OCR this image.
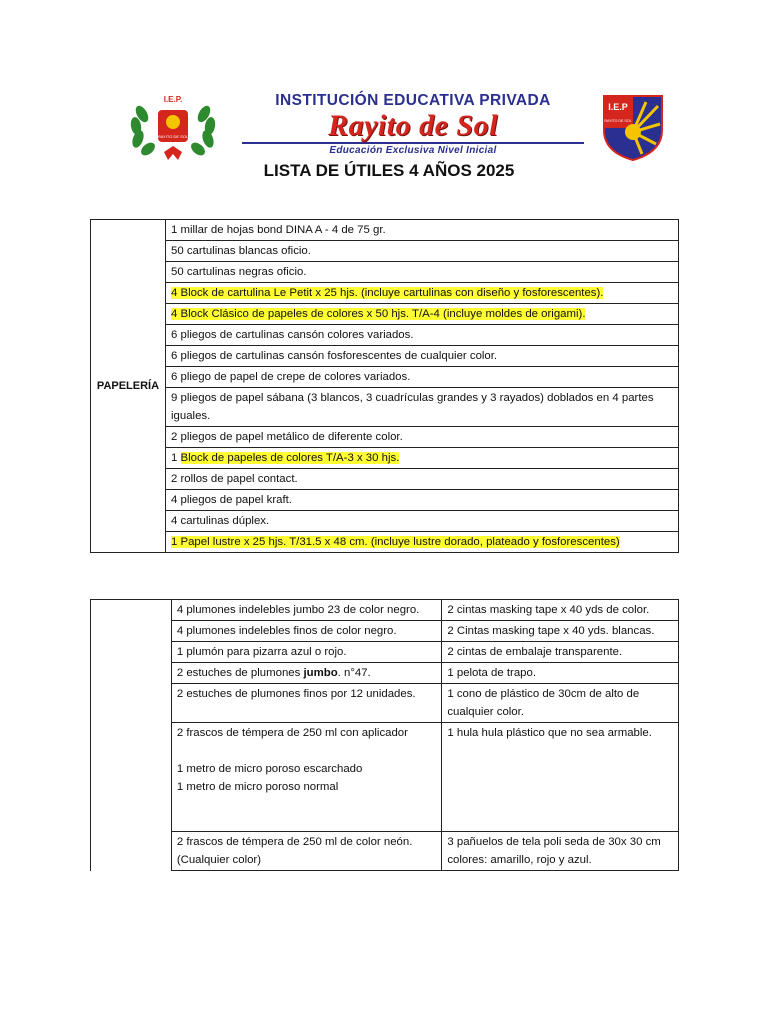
I.E.P.
RAYITO DE SOL
INSTITUCIÓN EDUCATIVA PRIVADA
Rayito de Sol
Educación Exclusiva Nivel Inicial
I.E.P
RAYITO DE SOL
LISTA DE ÚTILES 4 AÑOS 2025
PAPELERÍA	1 millar de hojas bond DINA A - 4 de 75 gr.
50 cartulinas blancas oficio.
50 cartulinas negras oficio.
4 Block de cartulina Le Petit x 25 hjs. (incluye cartulinas con diseño y fosforescentes).
4 Block Clásico de papeles de colores x 50 hjs. T/A-4 (incluye moldes de origami).
6 pliegos de cartulinas cansón colores variados.
6 pliegos de cartulinas cansón fosforescentes de cualquier color.
6 pliego de papel de crepe de colores variados.
9 pliegos de papel sábana (3 blancos, 3 cuadrículas grandes y 3 rayados) doblados en 4 partes iguales.
2 pliegos de papel metálico de diferente color.
1 Block de papeles de colores T/A-3 x 30 hjs.
2 rollos de papel contact.
4 pliegos de papel kraft.
4 cartulinas dúplex.
1 Papel lustre x 25 hjs. T/31.5 x 48 cm. (incluye lustre dorado, plateado y fosforescentes)
	4 plumones indelebles jumbo 23 de color negro.	2 cintas masking tape x 40 yds de color.
	4 plumones indelebles finos de color negro.	2 Cintas masking tape x 40 yds. blancas.
	1 plumón para pizarra azul o rojo.	2 cintas de embalaje transparente.
	2 estuches de plumones jumbo. n°47.	1 pelota de trapo.
	2 estuches de plumones finos por 12 unidades.	1 cono de plástico de 30cm de alto de cualquier color.

	2 frascos de témpera de 250 ml con aplicador
1 metro de micro poroso escarchado
1 metro de micro poroso normal	1 hula hula plástico que no sea armable.
	2 frascos de témpera de 250 ml de color neón. (Cualquier color)	3 pañuelos de tela poli seda de 30x 30 cm colores: amarillo, rojo y azul.
